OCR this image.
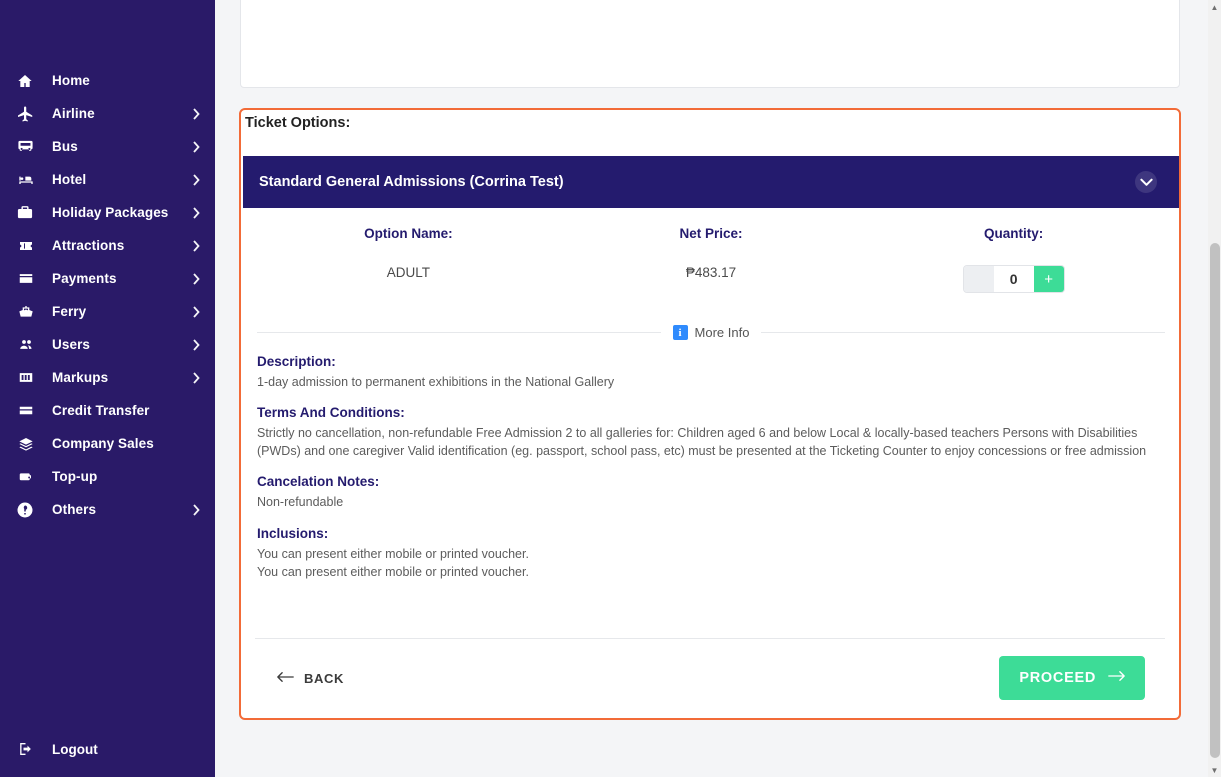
Home
Airline
Bus
Hotel
Holiday Packages
Attractions
Payments
Ferry
Users
Markups
Credit Transfer
Company Sales
Top-up
Others
Logout
Ticket Options:
Standard General Admissions (Corrina Test)
Option Name:
ADULT
Net Price:
₱483.17
Quantity:
0
+
i More Info
Description:
1-day admission to permanent exhibitions in the National Gallery
Terms And Conditions:
Strictly no cancellation, non-refundable Free Admission 2 to all galleries for: Children aged 6 and below Local & locally-based teachers Persons with Disabilities (PWDs) and one caregiver Valid identification (eg. passport, school pass, etc) must be presented at the Ticketing Counter to enjoy concessions or free admission
Cancelation Notes:
Non-refundable
Inclusions:
You can present either mobile or printed voucher.
You can present either mobile or printed voucher.
BACK	PROCEED
▲
▼
